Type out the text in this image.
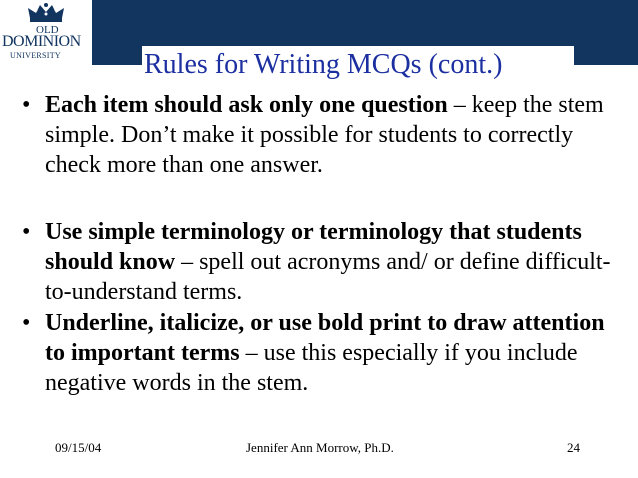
OLD
DOMINION
UNIVERSITY	Rules for Writing MCQs (cont.)
• Each item should ask only one question – keep the stem simple. Don’t make it possible for students to correctly check more than one answer.
• Use simple terminology or terminology that students should know – spell out acronyms and/ or define difficult-to-understand terms.
• Underline, italicize, or use bold print to draw attention to important terms – use this especially if you include negative words in the stem.
09/15/04	Jennifer Ann Morrow, Ph.D.	24
